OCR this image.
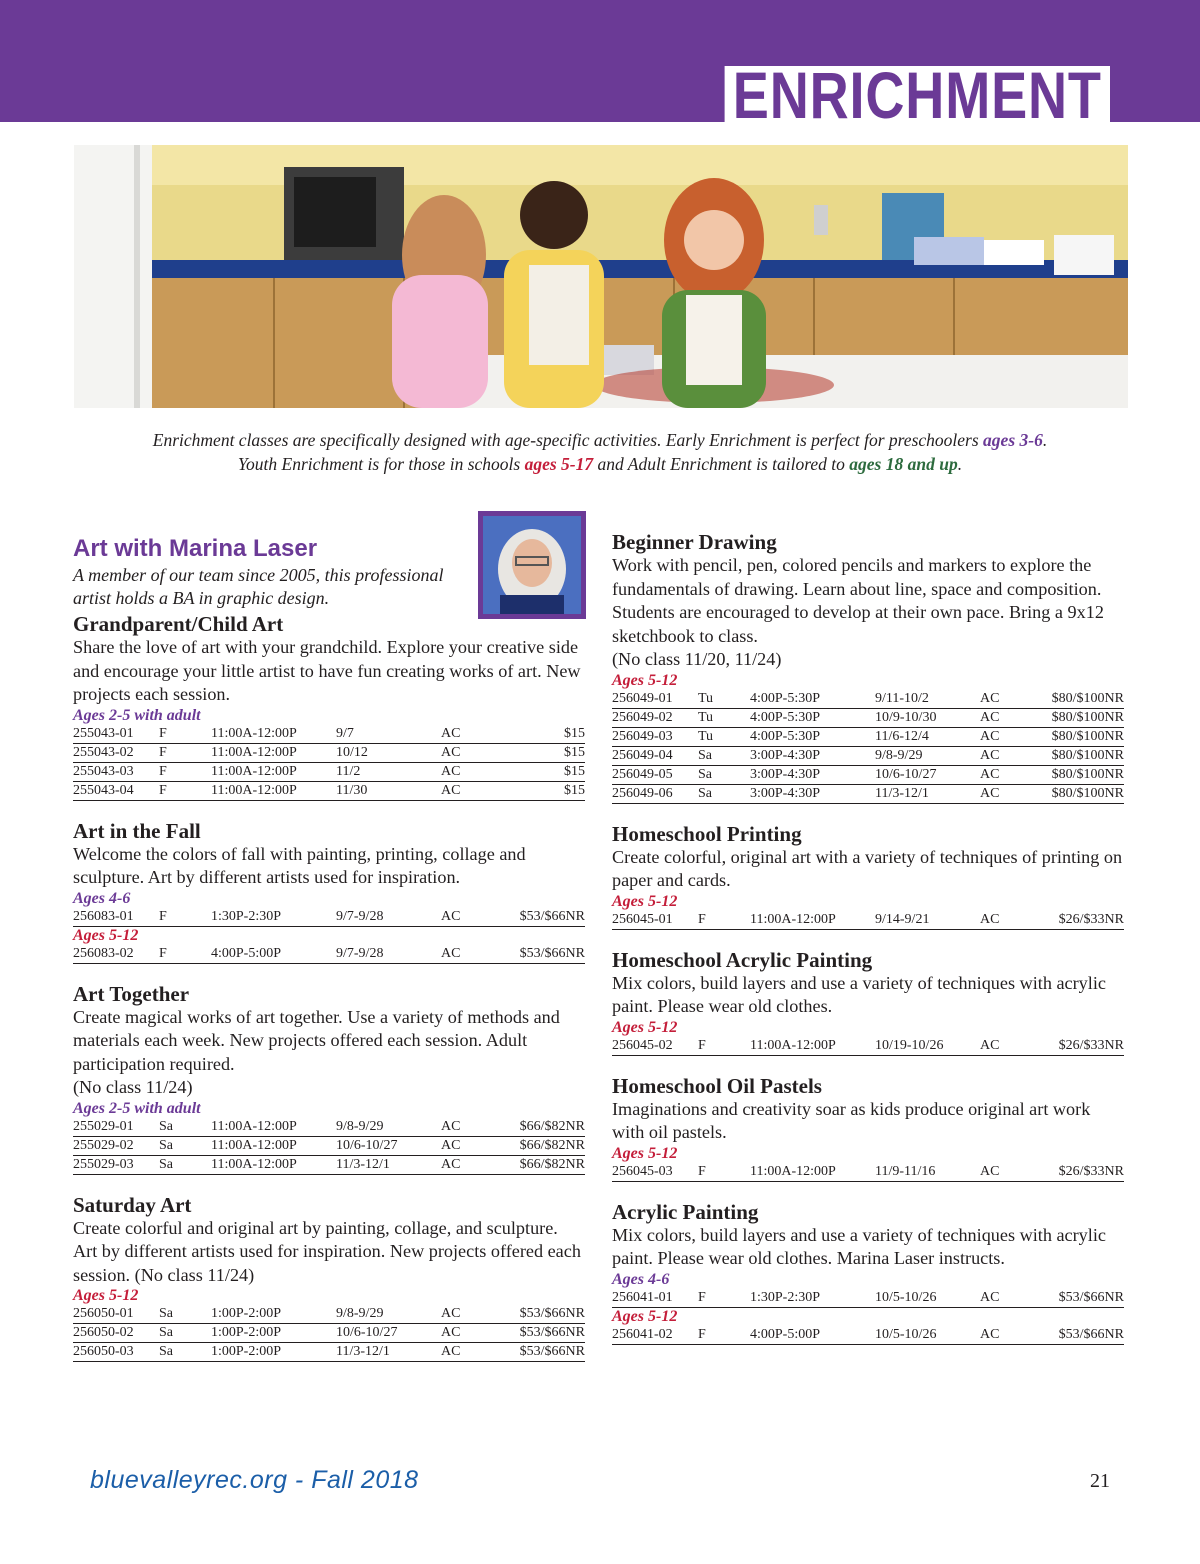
ENRICHMENT
Enrichment classes are specifically designed with age-specific activities. Early Enrichment is perfect for preschoolers ages 3-6.
Youth Enrichment is for those in schools ages 5-17 and Adult Enrichment is tailored to ages 18 and up.
Art with Marina Laser
A member of our team since 2005, this professional artist holds a BA in graphic design.
Grandparent/Child Art
Share the love of art with your grandchild. Explore your creative side and encourage your little artist to have fun creating works of art. New projects each session.
Ages 2-5 with adult
255043-01	F	11:00A-12:00P	9/7	AC	$15
255043-02	F	11:00A-12:00P	10/12	AC	$15
255043-03	F	11:00A-12:00P	11/2	AC	$15
255043-04	F	11:00A-12:00P	11/30	AC	$15
Art in the Fall
Welcome the colors of fall with painting, printing, collage and sculpture. Art by different artists used for inspiration.
Ages 4-6
256083-01	F	1:30P-2:30P	9/7-9/28	AC	$53/$66NR
Ages 5-12
256083-02	F	4:00P-5:00P	9/7-9/28	AC	$53/$66NR
Art Together
Create magical works of art together. Use a variety of methods and materials each week. New projects offered each session. Adult participation required.
(No class 11/24)
Ages 2-5 with adult
255029-01	Sa	11:00A-12:00P	9/8-9/29	AC	$66/$82NR
255029-02	Sa	11:00A-12:00P	10/6-10/27	AC	$66/$82NR
255029-03	Sa	11:00A-12:00P	11/3-12/1	AC	$66/$82NR
Saturday Art
Create colorful and original art by painting, collage, and sculpture. Art by different artists used for inspiration. New projects offered each session. (No class 11/24)
Ages 5-12
256050-01	Sa	1:00P-2:00P	9/8-9/29	AC	$53/$66NR
256050-02	Sa	1:00P-2:00P	10/6-10/27	AC	$53/$66NR
256050-03	Sa	1:00P-2:00P	11/3-12/1	AC	$53/$66NR
Beginner Drawing
Work with pencil, pen, colored pencils and markers to explore the fundamentals of drawing. Learn about line, space and composition. Students are encouraged to develop at their own pace. Bring a 9x12 sketchbook to class.
(No class 11/20, 11/24)
Ages 5-12
256049-01	Tu	4:00P-5:30P	9/11-10/2	AC	$80/$100NR
256049-02	Tu	4:00P-5:30P	10/9-10/30	AC	$80/$100NR
256049-03	Tu	4:00P-5:30P	11/6-12/4	AC	$80/$100NR
256049-04	Sa	3:00P-4:30P	9/8-9/29	AC	$80/$100NR
256049-05	Sa	3:00P-4:30P	10/6-10/27	AC	$80/$100NR
256049-06	Sa	3:00P-4:30P	11/3-12/1	AC	$80/$100NR
Homeschool Printing
Create colorful, original art with a variety of techniques of printing on paper and cards.
Ages 5-12
256045-01	F	11:00A-12:00P	9/14-9/21	AC	$26/$33NR
Homeschool Acrylic Painting
Mix colors, build layers and use a variety of techniques with acrylic paint. Please wear old clothes.
Ages 5-12
256045-02	F	11:00A-12:00P	10/19-10/26	AC	$26/$33NR
Homeschool Oil Pastels
Imaginations and creativity soar as kids produce original art work with oil pastels.
Ages 5-12
256045-03	F	11:00A-12:00P	11/9-11/16	AC	$26/$33NR
Acrylic Painting
Mix colors, build layers and use a variety of techniques with acrylic paint. Please wear old clothes. Marina Laser instructs.
Ages 4-6
256041-01	F	1:30P-2:30P	10/5-10/26	AC	$53/$66NR
Ages 5-12
256041-02	F	4:00P-5:00P	10/5-10/26	AC	$53/$66NR
bluevalleyrec.org - Fall 2018	21
